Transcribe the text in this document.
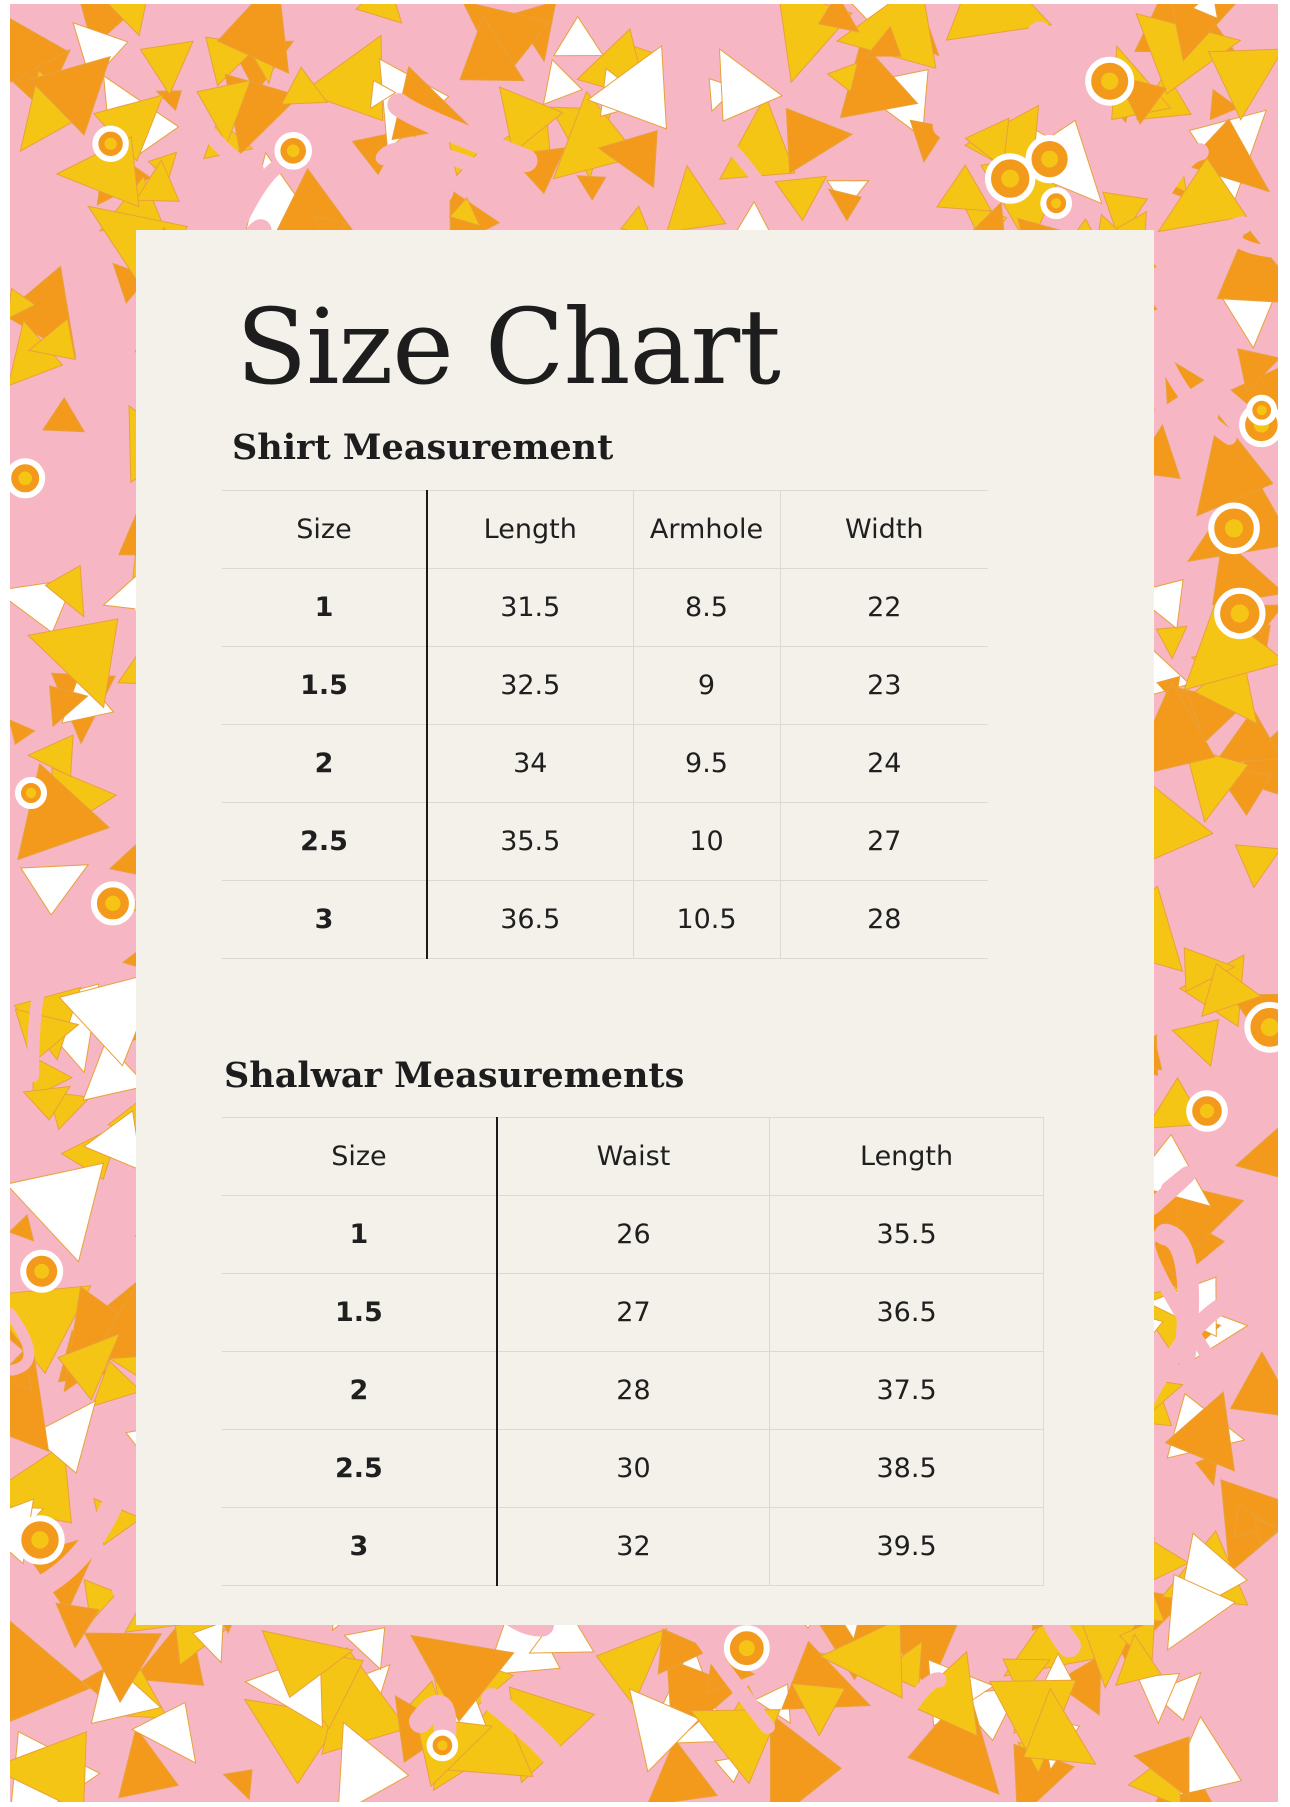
Size Chart
Shirt Measurement
Size	Length	Armhole	Width
1	31.5	8.5	22
1.5	32.5	9	23
2	34	9.5	24
2.5	35.5	10	27
3	36.5	10.5	28
Shalwar Measurements
Size	Waist	Length
1	26	35.5
1.5	27	36.5
2	28	37.5
2.5	30	38.5
3	32	39.5
